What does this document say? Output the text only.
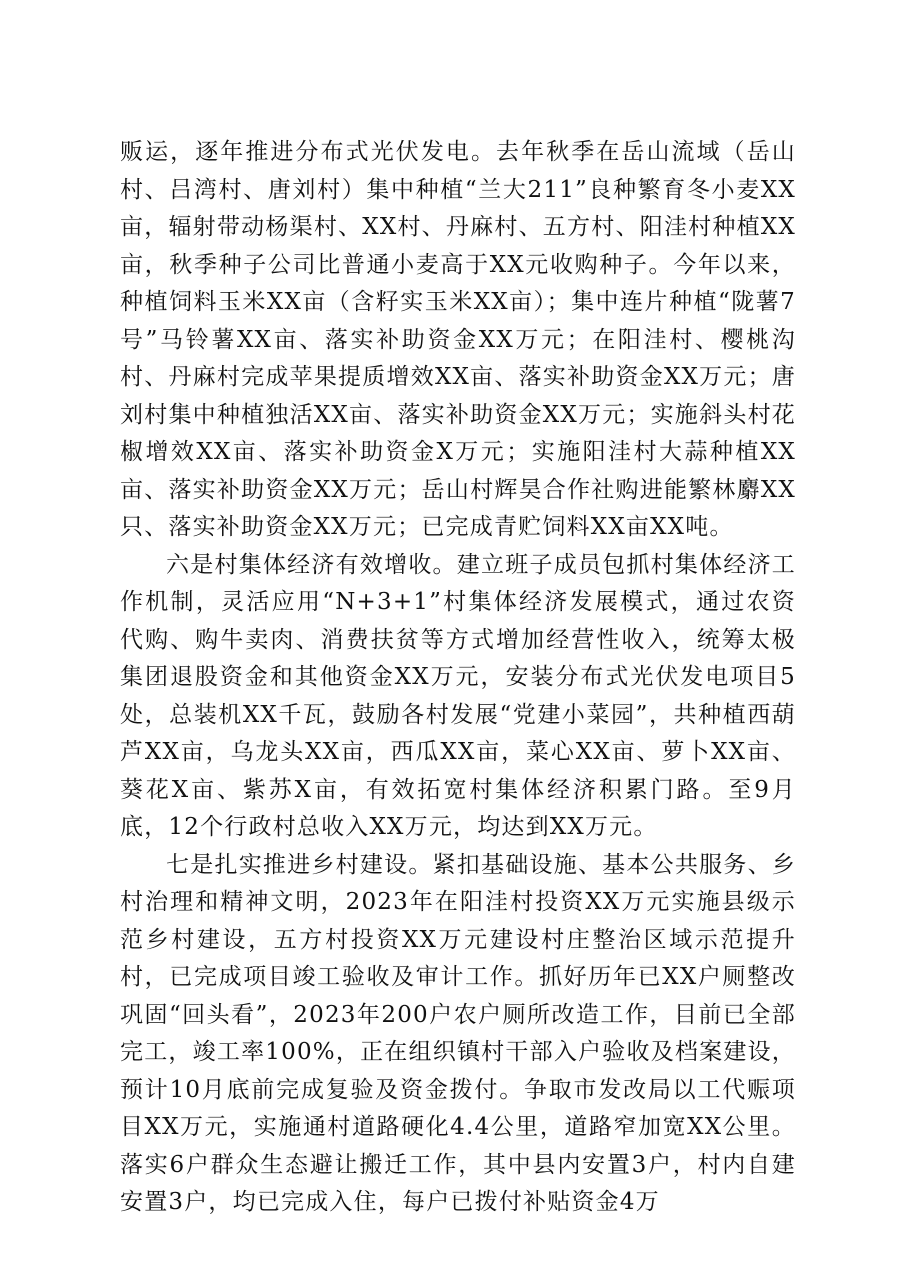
贩运，逐年推进分布式光伏发电。去年秋季在岳山流域（岳山村、吕湾村、唐刘村）集中种植“兰大211”良种繁育冬小麦XX亩，辐射带动杨渠村、XX村、丹麻村、五方村、阳洼村种植XX亩，秋季种子公司比普通小麦高于XX元收购种子。今年以来，种植饲料玉米XX亩（含籽实玉米XX亩）；集中连片种植“陇薯7号”马铃薯XX亩、落实补助资金XX万元；在阳洼村、樱桃沟村、丹麻村完成苹果提质增效XX亩、落实补助资金XX万元；唐刘村集中种植独活XX亩、落实补助资金XX万元；实施斜头村花椒增效XX亩、落实补助资金X万元；实施阳洼村大蒜种植XX亩、落实补助资金XX万元；岳山村辉昊合作社购进能繁林麝XX只、落实补助资金XX万元；已完成青贮饲料XX亩XX吨。

六是村集体经济有效增收。建立班子成员包抓村集体经济工作机制，灵活应用“N+3+1”村集体经济发展模式，通过农资代购、购牛卖肉、消费扶贫等方式增加经营性收入，统筹太极集团退股资金和其他资金XX万元，安装分布式光伏发电项目5处，总装机XX千瓦，鼓励各村发展“党建小菜园”，共种植西葫芦XX亩，乌龙头XX亩，西瓜XX亩，菜心XX亩、萝卜XX亩、葵花X亩、紫苏X亩，有效拓宽村集体经济积累门路。至9月底，12个行政村总收入XX万元，均达到XX万元。

七是扎实推进乡村建设。紧扣基础设施、基本公共服务、乡村治理和精神文明，2023年在阳洼村投资XX万元实施县级示范乡村建设，五方村投资XX万元建设村庄整治区域示范提升村，已完成项目竣工验收及审计工作。抓好历年已XX户厕整改巩固“回头看”，2023年200户农户厕所改造工作，目前已全部完工，竣工率100%，正在组织镇村干部入户验收及档案建设，预计10月底前完成复验及资金拨付。争取市发改局以工代赈项目XX万元，实施通村道路硬化4.4公里，道路窄加宽XX公里。落实6户群众生态避让搬迁工作，其中县内安置3户，村内自建安置3户，均已完成入住，每户已拨付补贴资金4万
